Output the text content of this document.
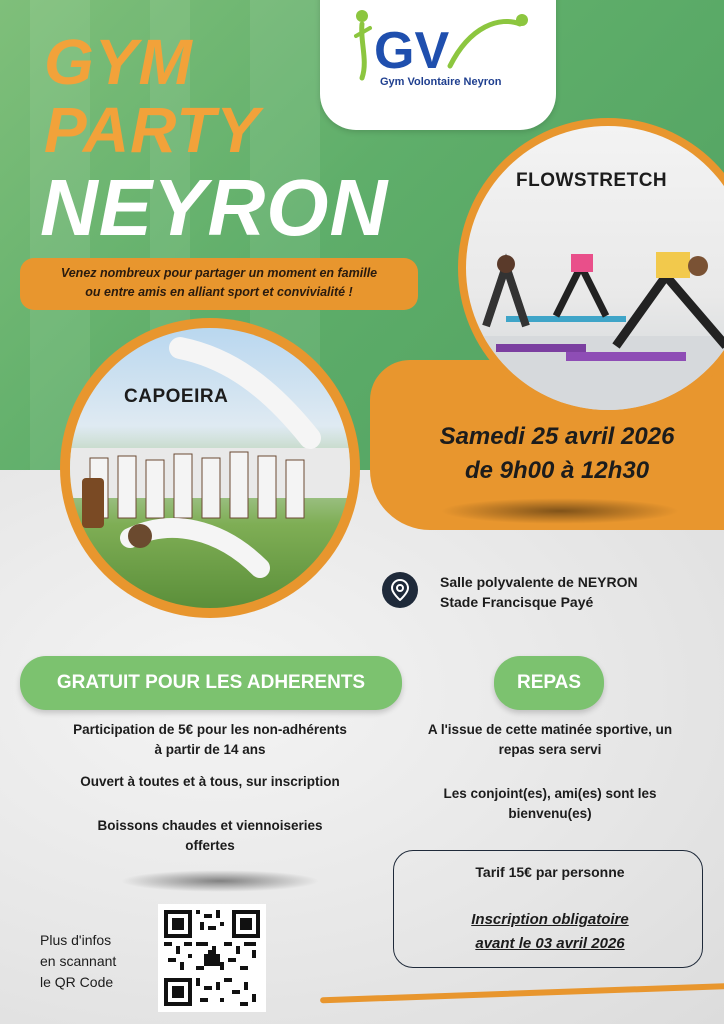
GV
Gym Volontaire Neyron
GYM
PARTY
NEYRON
Venez nombreux pour partager un moment en famille
ou entre amis en alliant sport et convivialité !
FLOWSTRETCH
CAPOEIRA
Samedi 25 avril 2026
de 9h00 à 12h30
Salle polyvalente de NEYRON
Stade Francisque Payé
GRATUIT POUR LES ADHERENTS	REPAS
Participation de 5€ pour les non-adhérents
à partir de 14 ans
Ouvert à toutes et à tous, sur inscription
Boissons chaudes et viennoiseries
offertes
A l'issue de cette matinée sportive, un
repas sera servi
Les conjoint(es), ami(es) sont les
bienvenu(es)
Tarif 15€ par personne
Inscription obligatoire
avant le 03 avril 2026
Plus d'infos
en scannant
le QR Code
